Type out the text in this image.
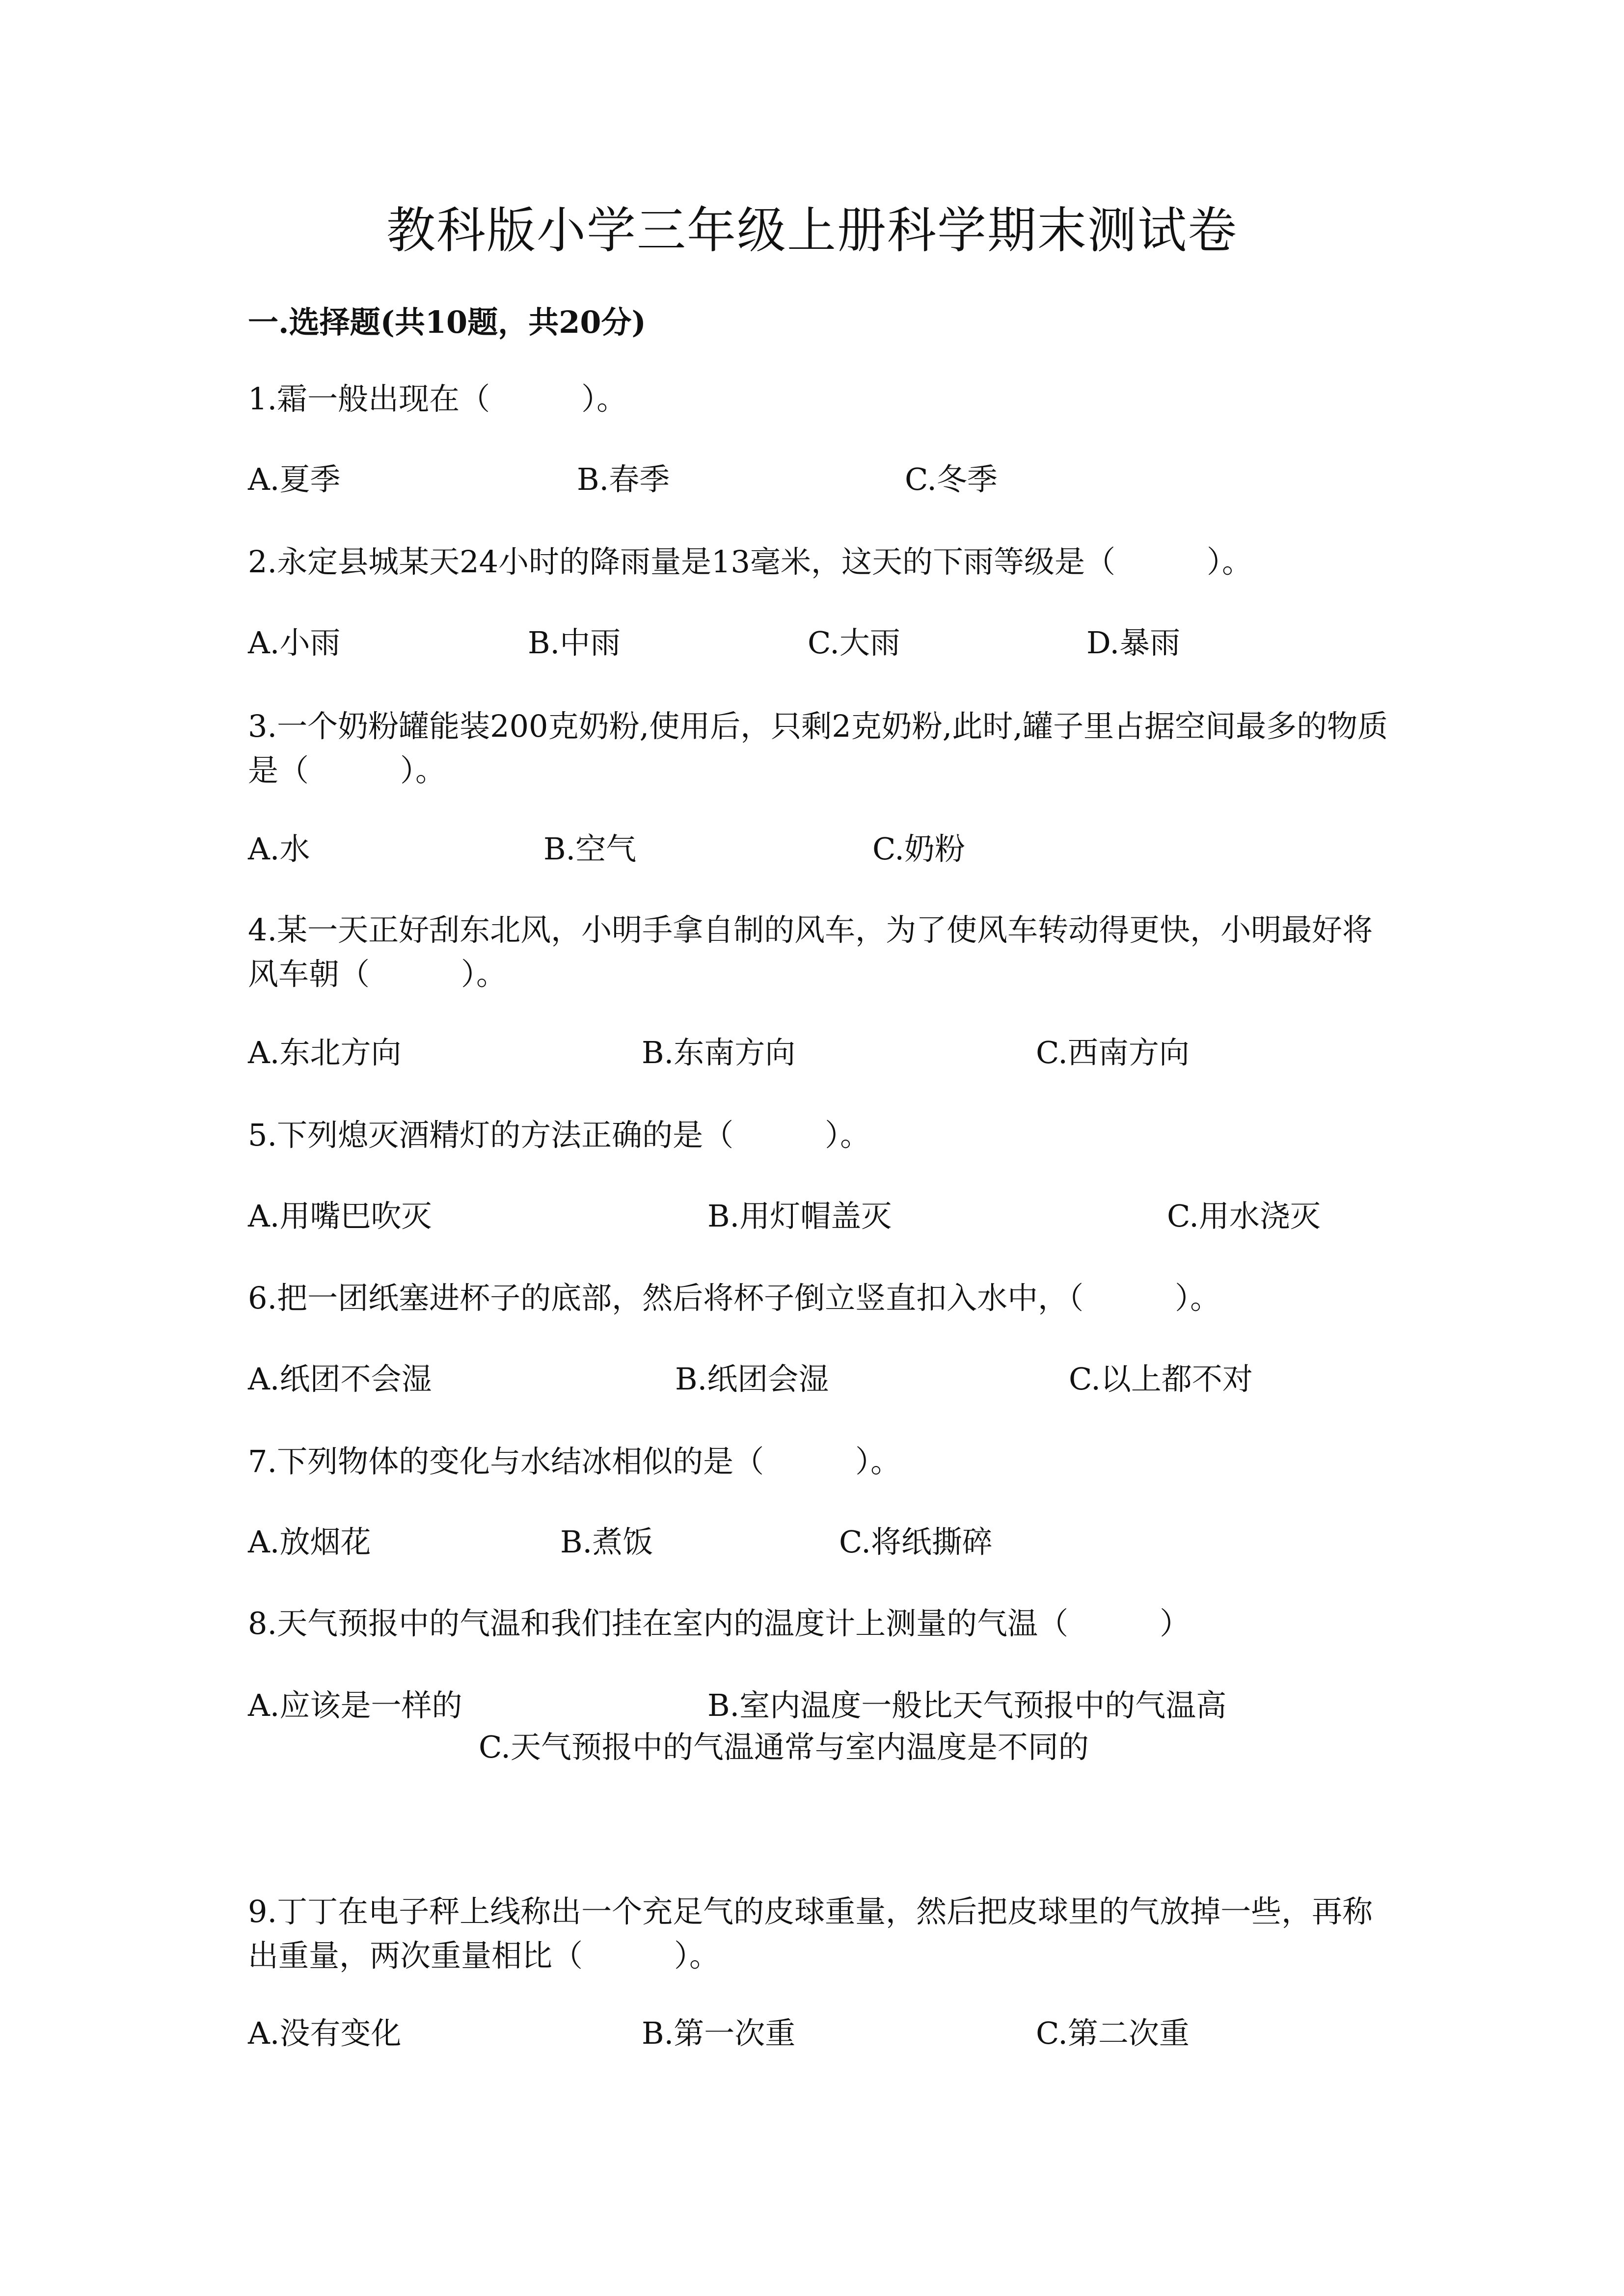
教科版小学三年级上册科学期末测试卷
一.选择题(共10题，共20分)
1.霜一般出现在（　　　）。
A.夏季	B.春季	C.冬季
2.永定县城某天24小时的降雨量是13毫米，这天的下雨等级是（　　　）。
A.小雨	B.中雨	C.大雨	D.暴雨
3.一个奶粉罐能装200克奶粉,使用后，只剩2克奶粉,此时,罐子里占据空间最多的物质是（　　　）。
A.水	B.空气	C.奶粉
4.某一天正好刮东北风，小明手拿自制的风车，为了使风车转动得更快，小明最好将风车朝（　　　）。
A.东北方向	B.东南方向	C.西南方向
5.下列熄灭酒精灯的方法正确的是（　　　）。
A.用嘴巴吹灭	B.用灯帽盖灭	C.用水浇灭
6.把一团纸塞进杯子的底部，然后将杯子倒立竖直扣入水中，（　　　）。
A.纸团不会湿	B.纸团会湿	C.以上都不对
7.下列物体的变化与水结冰相似的是（　　　）。
A.放烟花	B.煮饭	C.将纸撕碎
8.天气预报中的气温和我们挂在室内的温度计上测量的气温（　　　）
A.应该是一样的	B.室内温度一般比天气预报中的气温高
C.天气预报中的气温通常与室内温度是不同的
9.丁丁在电子秤上线称出一个充足气的皮球重量，然后把皮球里的气放掉一些，再称出重量，两次重量相比（　　　）。
A.没有变化	B.第一次重	C.第二次重
